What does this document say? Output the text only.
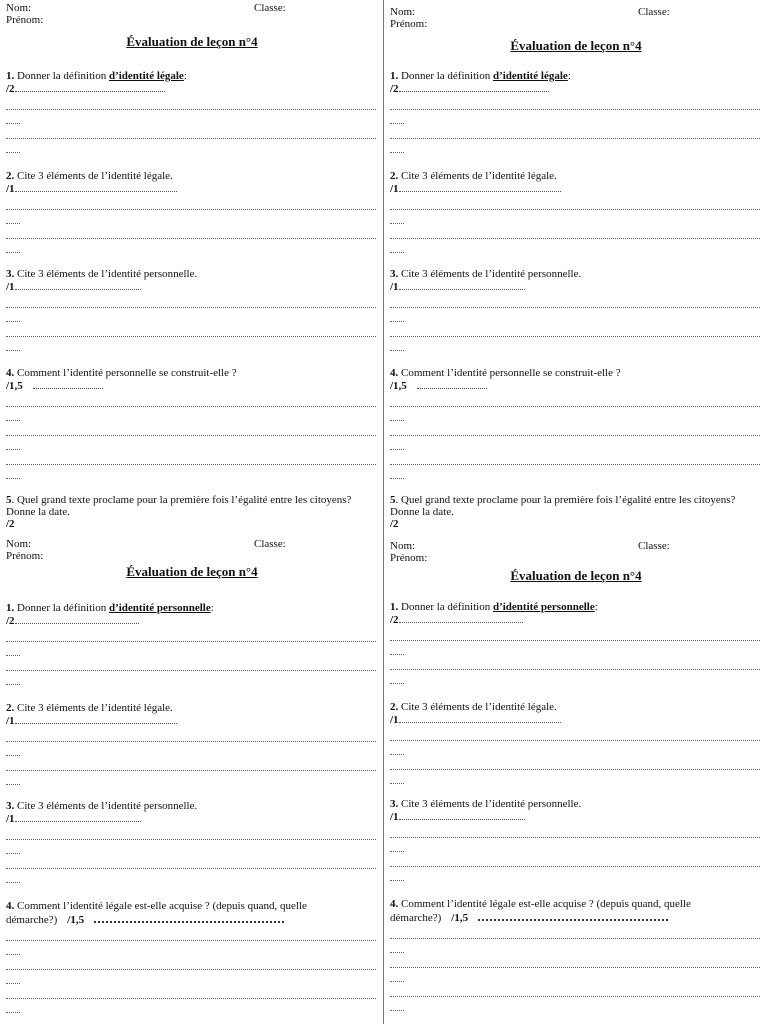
Nom:
Prénom:
Classe:
Évaluation de leçon n°4
1. Donner la définition d’identité légale:
/2
2. Cite 3 éléments de l’identité légale.
/1
3. Cite 3 éléments de l’identité personnelle.
/1
4. Comment l’identité personnelle se construit-elle ?
/1,5
5. Quel grand texte proclame pour la première fois l’égalité entre les citoyens? Donne la date.
/2
Nom:
Prénom:
Classe:
Évaluation de leçon n°4
1. Donner la définition d’identité personnelle:
/2
2. Cite 3 éléments de l’identité légale.
/1
3. Cite 3 éléments de l’identité personnelle.
/1
4. Comment l’identité légale est-elle acquise ? (depuis quand, quelle démarche?) /1,5
Nom:
Prénom:
Classe:
Évaluation de leçon n°4
1. Donner la définition d’identité légale:
/2
2. Cite 3 éléments de l’identité légale.
/1
3. Cite 3 éléments de l’identité personnelle.
/1
4. Comment l’identité personnelle se construit-elle ?
/1,5
5. Quel grand texte proclame pour la première fois l’égalité entre les citoyens? Donne la date.
/2
Nom:
Prénom:
Classe:
Évaluation de leçon n°4
1. Donner la définition d’identité personnelle:
/2
2. Cite 3 éléments de l’identité légale.
/1
3. Cite 3 éléments de l’identité personnelle.
/1
4. Comment l’identité légale est-elle acquise ? (depuis quand, quelle démarche?) /1,5
